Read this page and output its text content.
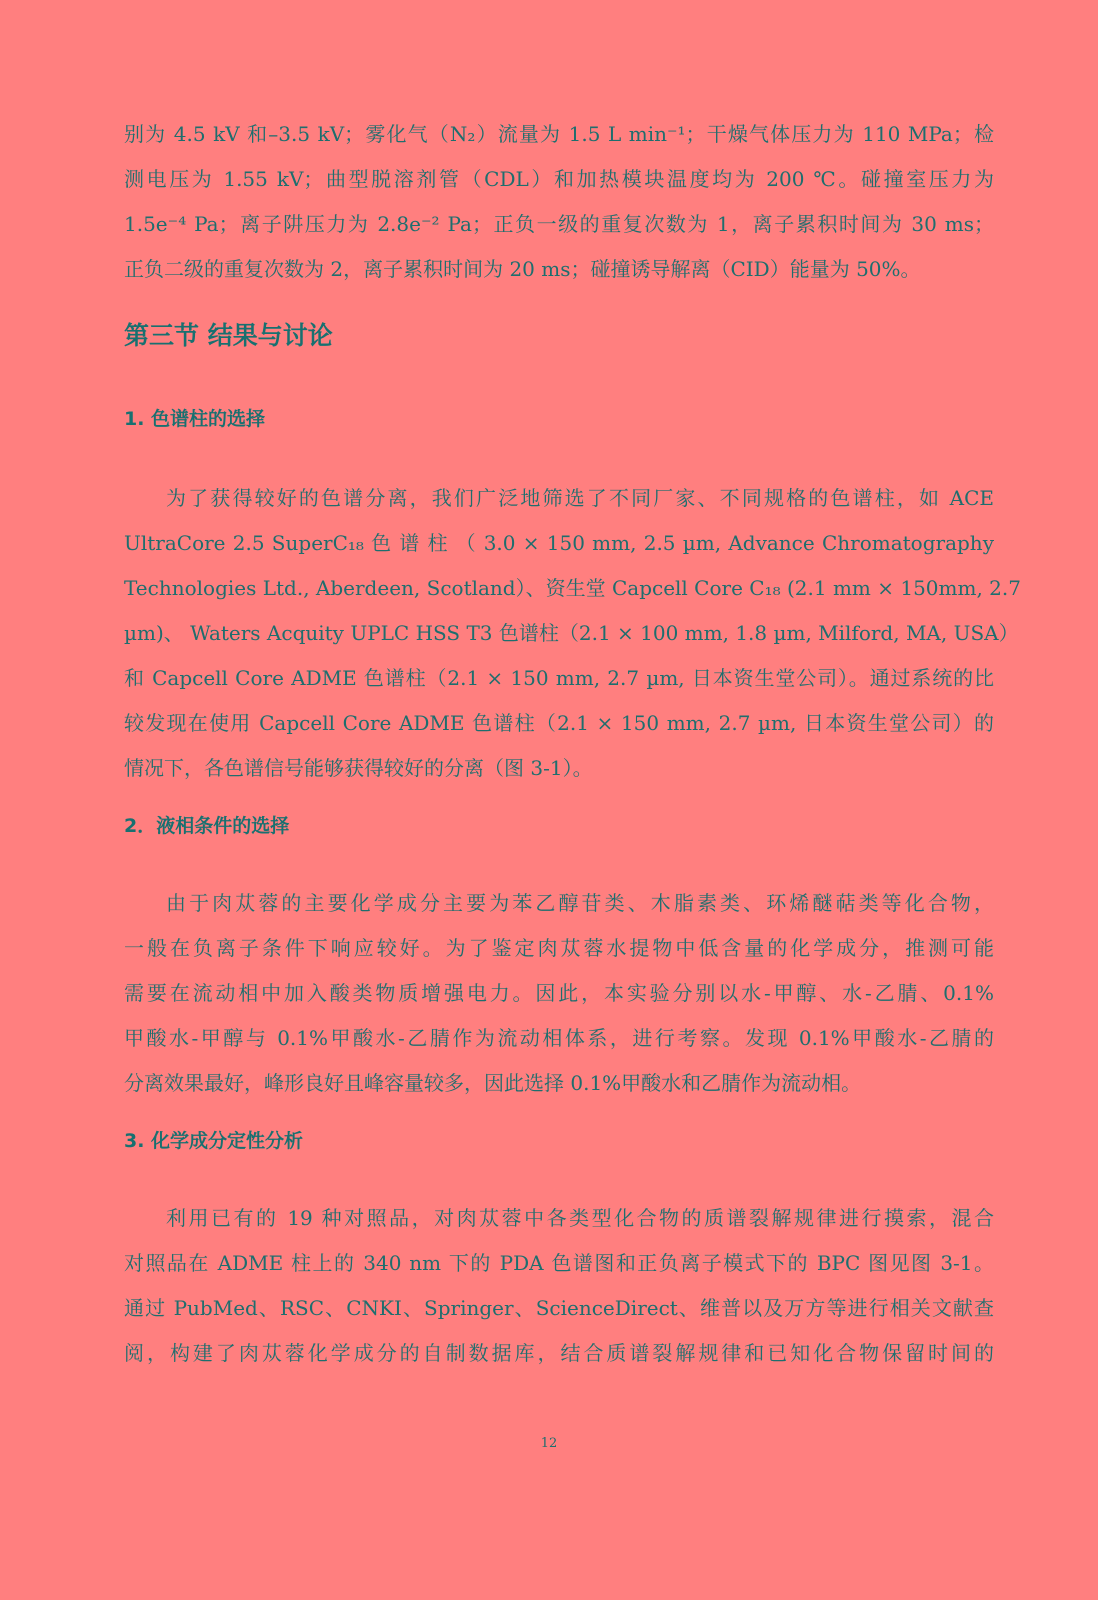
别为 4.5 kV 和–3.5 kV；雾化气（N₂）流量为 1.5 L min⁻¹；干燥气体压力为 110 MPa；检
测电压为 1.55 kV；曲型脱溶剂管（CDL）和加热模块温度均为 200 ℃。碰撞室压力为
1.5e⁻⁴ Pa；离子阱压力为 2.8e⁻² Pa；正负一级的重复次数为 1，离子累积时间为 30 ms；
正负二级的重复次数为 2，离子累积时间为 20 ms；碰撞诱导解离（CID）能量为 50%。

第三节 结果与讨论
1. 色谱柱的选择

为了获得较好的色谱分离，我们广泛地筛选了不同厂家、不同规格的色谱柱，如 ACE
UltraCore 2.5 SuperC₁₈ 色 谱 柱 （ 3.0 × 150 mm, 2.5 µm, Advance Chromatography
Technologies Ltd., Aberdeen, Scotland）、资生堂 Capcell Core C₁₈ (2.1 mm × 150mm, 2.7
µm)、 Waters Acquity UPLC HSS T3 色谱柱（2.1 × 100 mm, 1.8 µm, Milford, MA, USA）
和 Capcell Core ADME 色谱柱（2.1 × 150 mm, 2.7 µm, 日本资生堂公司）。通过系统的比
较发现在使用 Capcell Core ADME 色谱柱（2.1 × 150 mm, 2.7 µm, 日本资生堂公司）的
情况下，各色谱信号能够获得较好的分离（图 3-1）。

2．液相条件的选择

由于肉苁蓉的主要化学成分主要为苯乙醇苷类、木脂素类、环烯醚萜类等化合物，
一般在负离子条件下响应较好。为了鉴定肉苁蓉水提物中低含量的化学成分，推测可能
需要在流动相中加入酸类物质增强电力。因此，本实验分别以水-甲醇、水-乙腈、0.1%
甲酸水-甲醇与 0.1%甲酸水-乙腈作为流动相体系，进行考察。发现 0.1%甲酸水-乙腈的
分离效果最好，峰形良好且峰容量较多，因此选择 0.1%甲酸水和乙腈作为流动相。

3. 化学成分定性分析

利用已有的 19 种对照品，对肉苁蓉中各类型化合物的质谱裂解规律进行摸索，混合
对照品在 ADME 柱上的 340 nm 下的 PDA 色谱图和正负离子模式下的 BPC 图见图 3-1。
通过 PubMed、RSC、CNKI、Springer、ScienceDirect、维普以及万方等进行相关文献查
阅，构建了肉苁蓉化学成分的自制数据库，结合质谱裂解规律和已知化合物保留时间的

12
